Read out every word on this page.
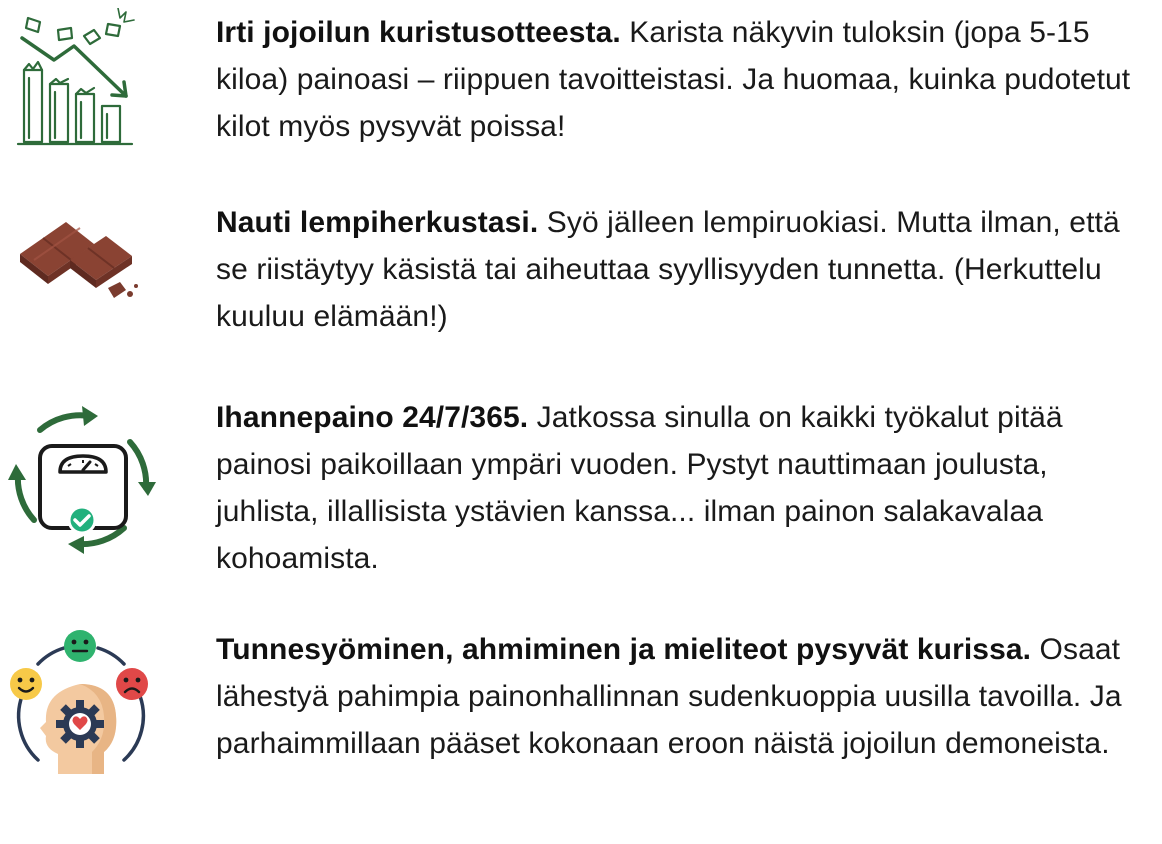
Irti jojoilun kuristusotteesta. Karista näkyvin tuloksin (jopa 5-15 kiloa) painoasi – riippuen tavoitteistasi. Ja huomaa, kuinka pudotetut kilot myös pysyvät poissa!
Nauti lempiherkustasi. Syö jälleen lempiruokiasi. Mutta ilman, että se riistäytyy käsistä tai aiheuttaa syyllisyyden tunnetta. (Herkuttelu kuuluu elämään!)
Ihannepaino 24/7/365. Jatkossa sinulla on kaikki työkalut pitää painosi paikoillaan ympäri vuoden. Pystyt nauttimaan joulusta, juhlista, illallisista ystävien kanssa... ilman painon salakavalaa kohoamista.
Tunnesyöminen, ahmiminen ja mieliteot pysyvät kurissa. Osaat lähestyä pahimpia painonhallinnan sudenkuoppia uusilla tavoilla. Ja parhaimmillaan pääset kokonaan eroon näistä jojoilun demoneista.
